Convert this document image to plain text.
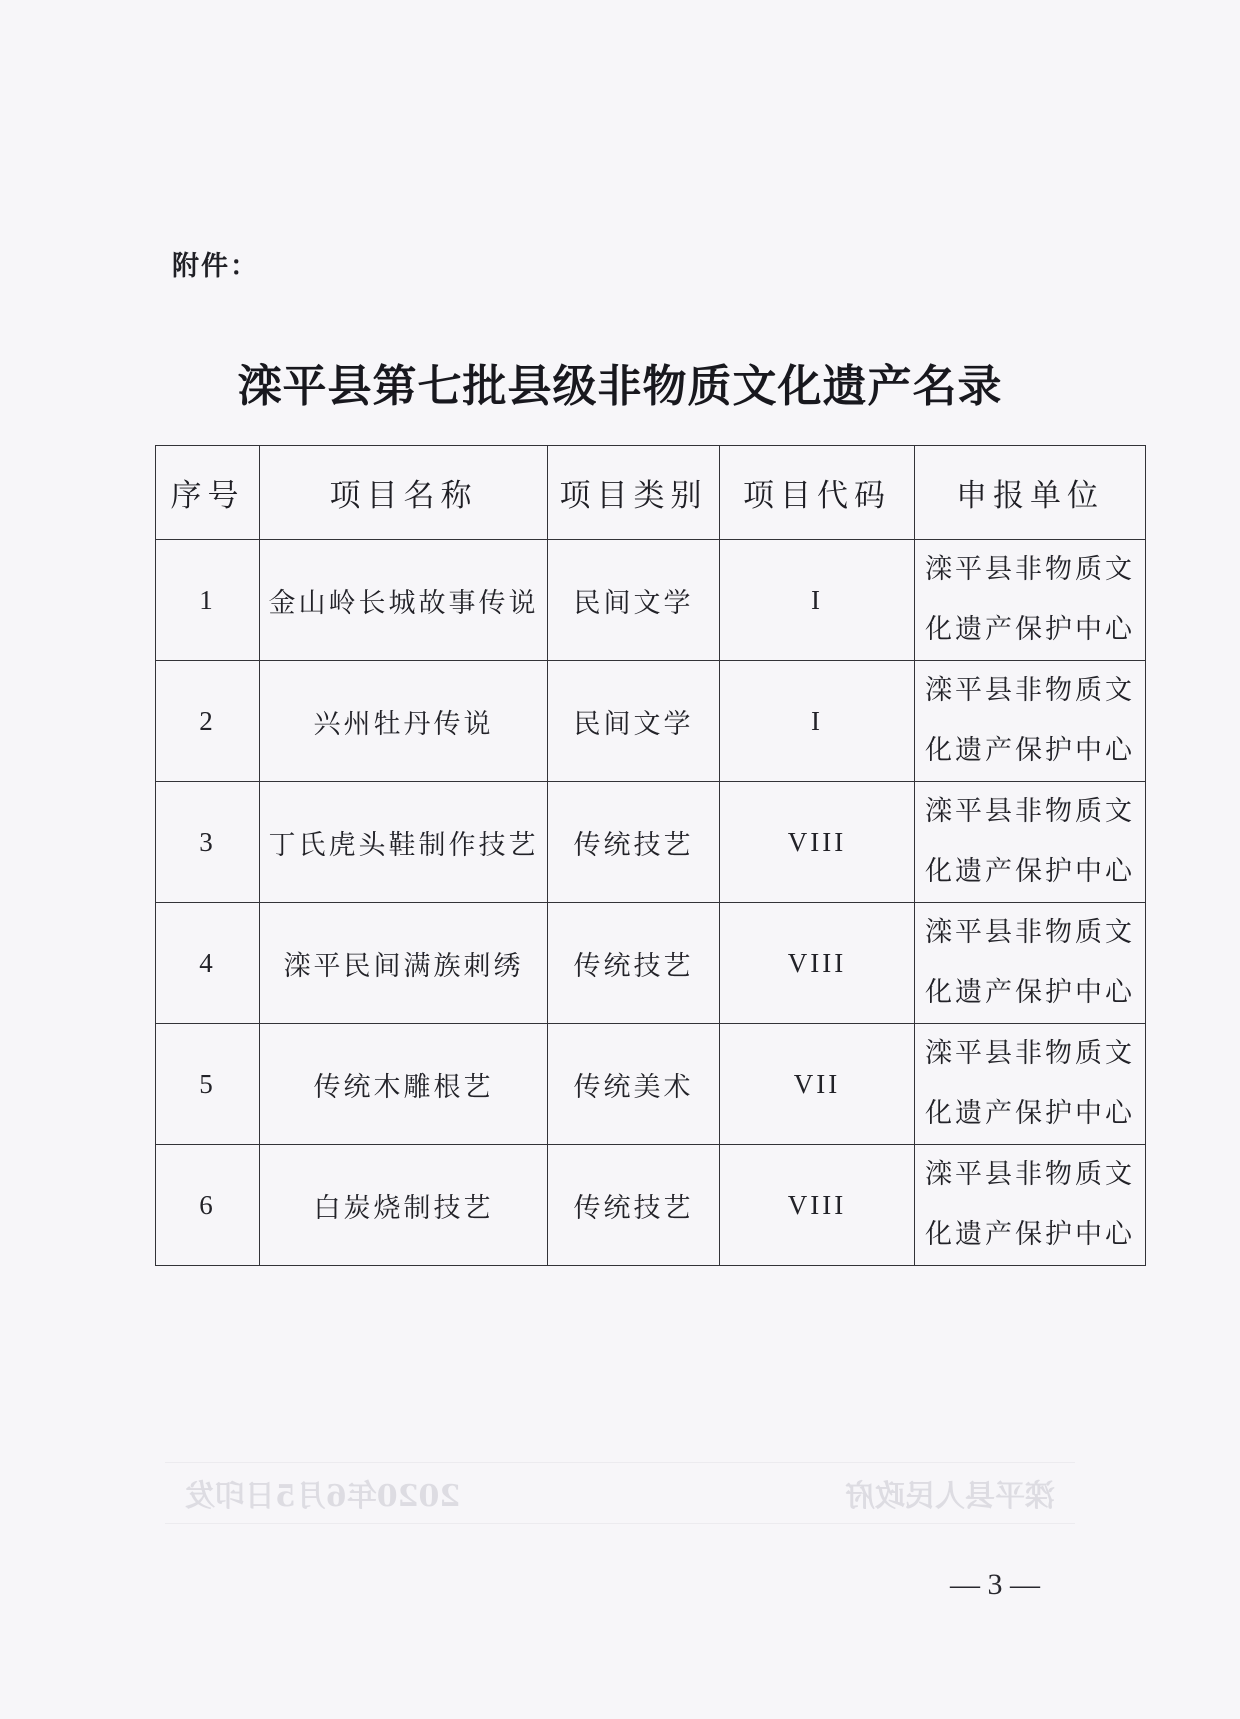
附件：
滦平县第七批县级非物质文化遗产名录
序号	项目名称	项目类别	项目代码	申报单位
1	金山岭长城故事传说	民间文学	I	滦平县非物质文
化遗产保护中心

2	兴州牡丹传说	民间文学	I	滦平县非物质文
化遗产保护中心

3	丁氏虎头鞋制作技艺	传统技艺	VIII	滦平县非物质文
化遗产保护中心

4	滦平民间满族刺绣	传统技艺	VIII	滦平县非物质文
化遗产保护中心

5	传统木雕根艺	传统美术	VII	滦平县非物质文
化遗产保护中心

6	白炭烧制技艺	传统技艺	VIII	滦平县非物质文
化遗产保护中心
滦平县人民政府
2020年6月5日印发
— 3 —
